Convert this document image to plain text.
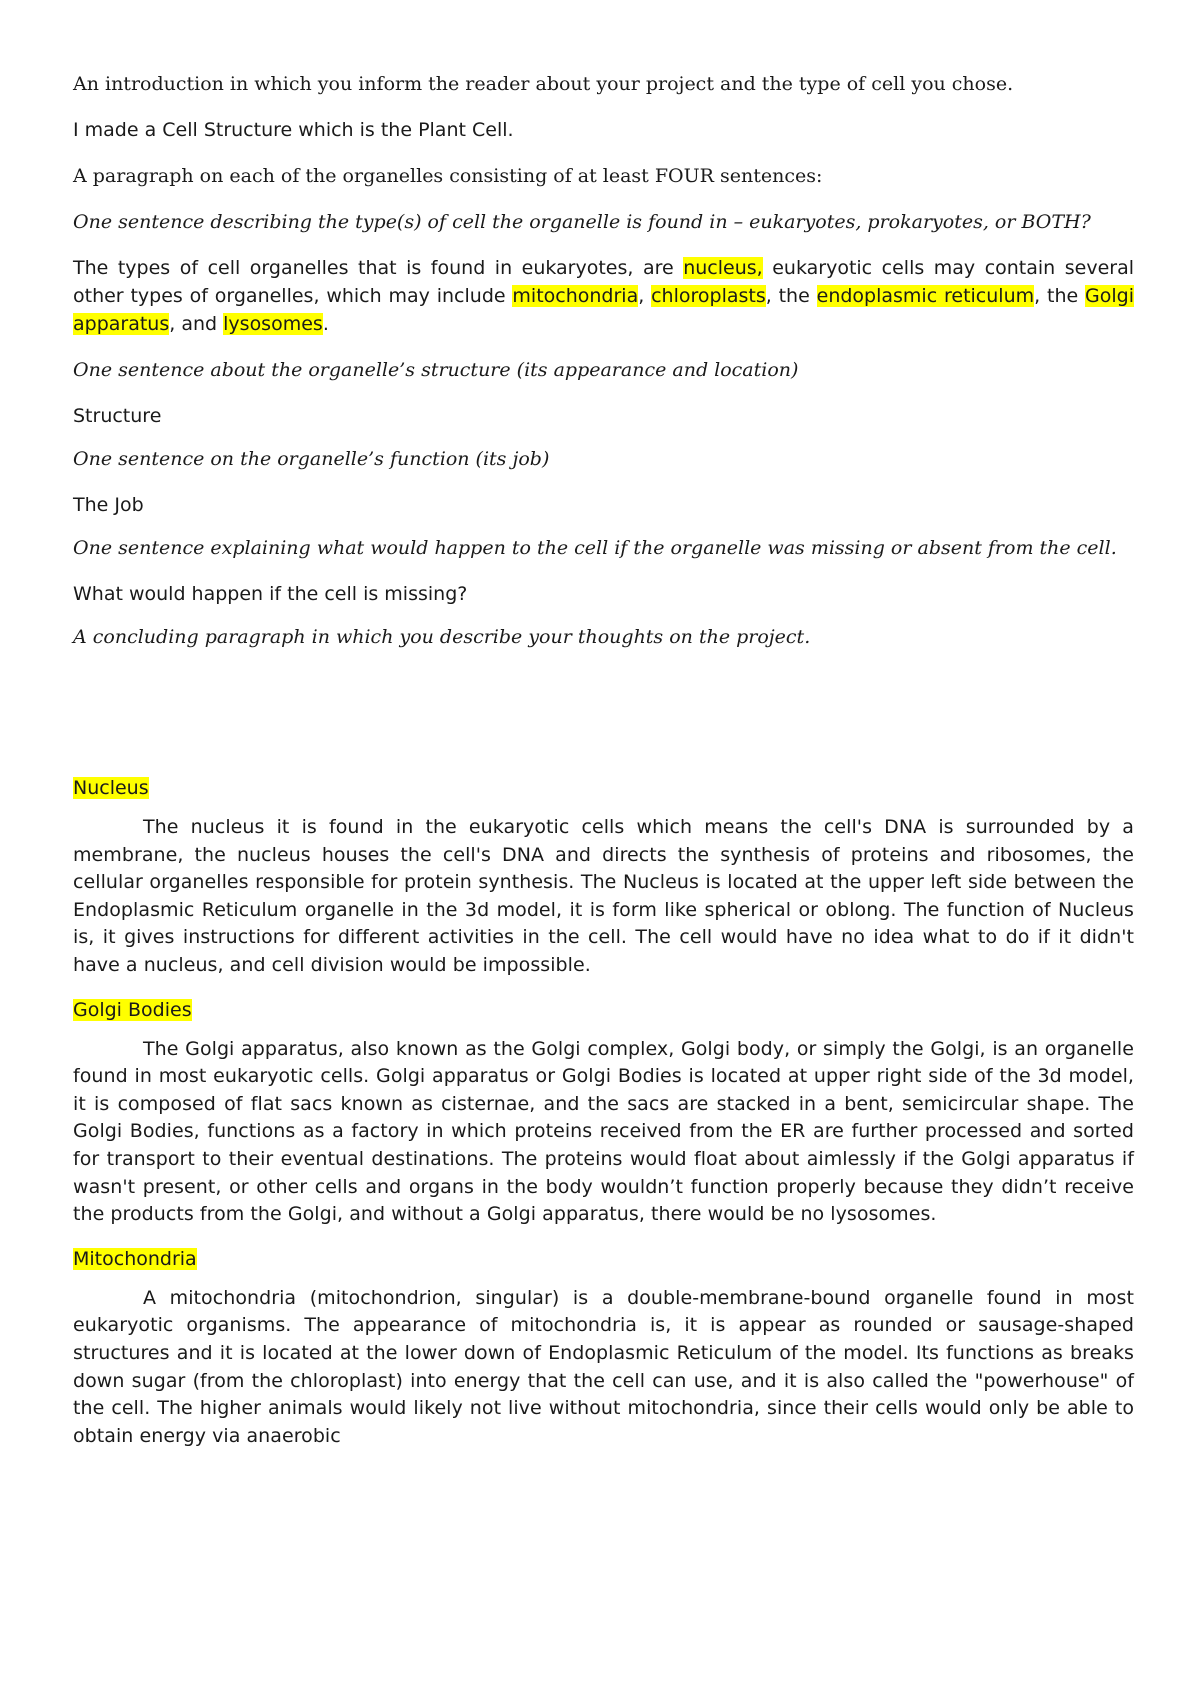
An introduction in which you inform the reader about your project and the type of cell you chose.

I made a Cell Structure which is the Plant Cell.

A paragraph on each of the organelles consisting of at least FOUR sentences:

One sentence describing the type(s) of cell the organelle is found in – eukaryotes, prokaryotes, or BOTH?

The types of cell organelles that is found in eukaryotes, are nucleus, eukaryotic cells may contain several other types of organelles, which may include mitochondria, chloroplasts, the endoplasmic reticulum, the Golgi apparatus, and lysosomes.

One sentence about the organelle’s structure (its appearance and location)

Structure

One sentence on the organelle’s function (its job)

The Job

One sentence explaining what would happen to the cell if the organelle was missing or absent from the cell.

What would happen if the cell is missing?

A concluding paragraph in which you describe your thoughts on the project.

Nucleus

The nucleus it is found in the eukaryotic cells which means the cell's DNA is surrounded by a membrane, the nucleus houses the cell's DNA and directs the synthesis of proteins and ribosomes, the cellular organelles responsible for protein synthesis. The Nucleus is located at the upper left side between the Endoplasmic Reticulum organelle in the 3d model, it is form like spherical or oblong. The function of Nucleus is, it gives instructions for different activities in the cell. The cell would have no idea what to do if it didn't have a nucleus, and cell division would be impossible.

Golgi Bodies

The Golgi apparatus, also known as the Golgi complex, Golgi body, or simply the Golgi, is an organelle found in most eukaryotic cells. Golgi apparatus or Golgi Bodies is located at upper right side of the 3d model, it is composed of flat sacs known as cisternae, and the sacs are stacked in a bent, semicircular shape. The Golgi Bodies, functions as a factory in which proteins received from the ER are further processed and sorted for transport to their eventual destinations. The proteins would float about aimlessly if the Golgi apparatus if wasn't present, or other cells and organs in the body wouldn’t function properly because they didn’t receive the products from the Golgi, and without a Golgi apparatus, there would be no lysosomes.

Mitochondria

A mitochondria (mitochondrion, singular) is a double-membrane-bound organelle found in most eukaryotic organisms. The appearance of mitochondria is, it is appear as rounded or sausage-shaped structures and it is located at the lower down of Endoplasmic Reticulum of the model. Its functions as breaks down sugar (from the chloroplast) into energy that the cell can use, and it is also called the "powerhouse" of the cell. The higher animals would likely not live without mitochondria, since their cells would only be able to obtain energy via anaerobic
